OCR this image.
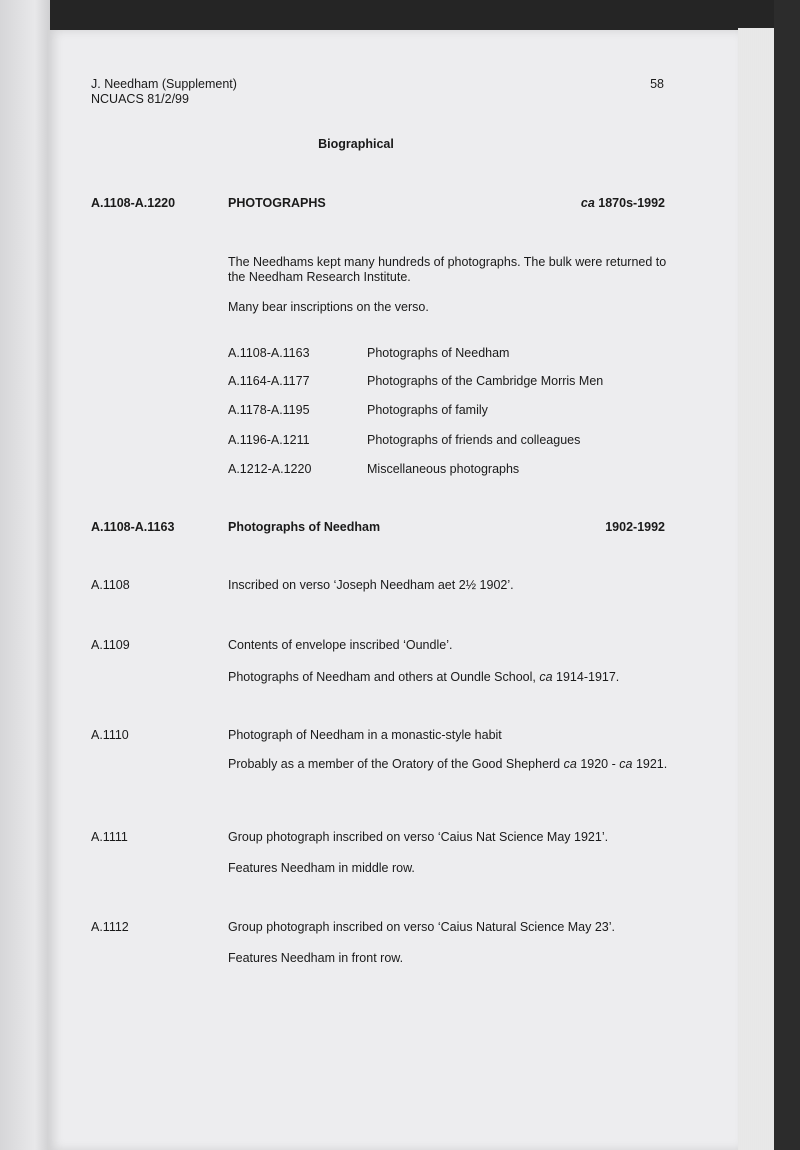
J. Needham (Supplement)
NCUACS 81/2/99
58
Biographical
A.1108-A.1220	PHOTOGRAPHS	ca 1870s-1992
The Needhams kept many hundreds of photographs. The bulk were returned to the Needham Research Institute.
Many bear inscriptions on the verso.
A.1108-A.1163	Photographs of Needham
A.1164-A.1177	Photographs of the Cambridge Morris Men
A.1178-A.1195	Photographs of family
A.1196-A.1211	Photographs of friends and colleagues
A.1212-A.1220	Miscellaneous photographs
A.1108-A.1163	Photographs of Needham	1902-1992
A.1108	Inscribed on verso ‘Joseph Needham aet 2½ 1902’.
A.1109	Contents of envelope inscribed ‘Oundle’.
Photographs of Needham and others at Oundle School, ca 1914-1917.
A.1110	Photograph of Needham in a monastic-style habit
Probably as a member of the Oratory of the Good Shepherd ca 1920 - ca 1921.
A.1111	Group photograph inscribed on verso ‘Caius Nat Science May 1921’.
Features Needham in middle row.
A.1112	Group photograph inscribed on verso ‘Caius Natural Science May 23’.
Features Needham in front row.
